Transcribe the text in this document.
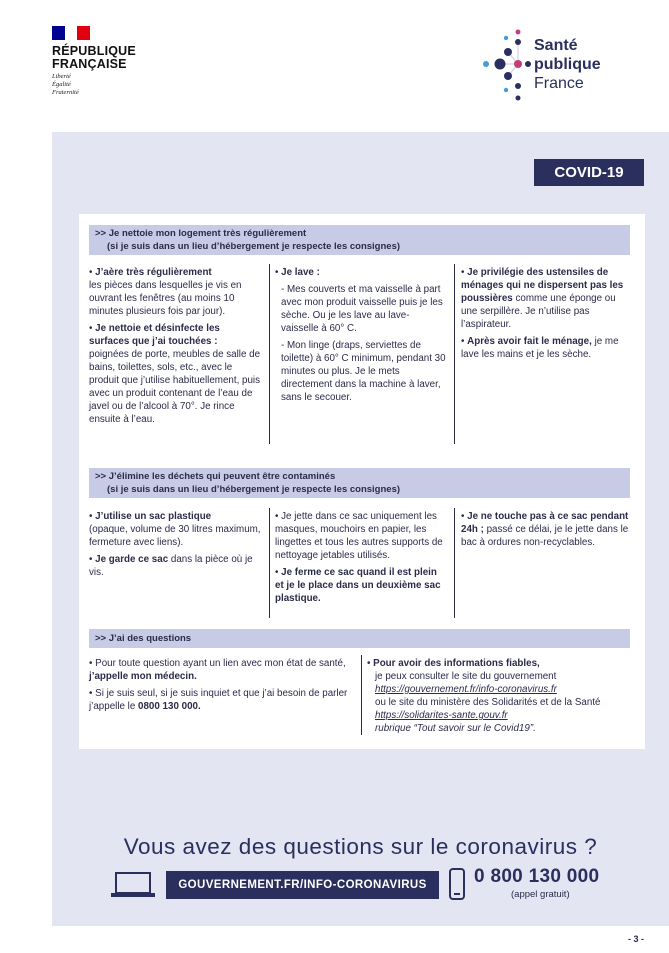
RÉPUBLIQUE
FRANÇAISE
Liberté
Égalité
Fraternité
Santé
publique
France
COVID-19
>> Je nettoie mon logement très régulièrement
(si je suis dans un lieu d’hébergement je respecte les consignes)
• J’aère très régulièrement
les pièces dans lesquelles je vis en ouvrant les fenêtres (au moins 10 minutes plusieurs fois par jour).
• Je nettoie et désinfecte les surfaces que j’ai touchées :
poignées de porte, meubles de salle de bains, toilettes, sols, etc., avec le produit que j’utilise habituellement, puis avec un produit contenant de l’eau de javel ou de l’alcool à 70°. Je rince ensuite à l’eau.
• Je lave :
- Mes couverts et ma vaisselle à part avec mon produit vaisselle puis je les sèche. Ou je les lave au lave-vaisselle à 60° C.
- Mon linge (draps, serviettes de toilette) à 60° C minimum, pendant 30 minutes ou plus. Je le mets directement dans la machine à laver, sans le secouer.
• Je privilégie des ustensiles de ménages qui ne dispersent pas les poussières comme une éponge ou une serpillère. Je n’utilise pas l’aspirateur.
• Après avoir fait le ménage, je me lave les mains et je les sèche.
>> J’élimine les déchets qui peuvent être contaminés
(si je suis dans un lieu d’hébergement je respecte les consignes)
• J’utilise un sac plastique
(opaque, volume de 30 litres maximum, fermeture avec liens).
• Je garde ce sac dans la pièce où je vis.
• Je jette dans ce sac uniquement les masques, mouchoirs en papier, les lingettes et tous les autres supports de nettoyage jetables utilisés.
• Je ferme ce sac quand il est plein et je le place dans un deuxième sac plastique.
• Je ne touche pas à ce sac pendant 24h ; passé ce délai, je le jette dans le bac à ordures non-recyclables.
>> J’ai des questions
• Pour toute question ayant un lien avec mon état de santé, j’appelle mon médecin.
• Si je suis seul, si je suis inquiet et que j’ai besoin de parler j’appelle le 0800 130 000.
• Pour avoir des informations fiables,
je peux consulter le site du gouvernement
https://gouvernement.fr/info-coronavirus.fr
ou le site du ministère des Solidarités et de la Santé
https://solidarites-sante.gouv.fr
rubrique “Tout savoir sur le Covid19”.
Vous avez des questions sur le coronavirus ?
GOUVERNEMENT.FR/INFO-CORONAVIRUS	0 800 130 000
(appel gratuit)
- 3 -
